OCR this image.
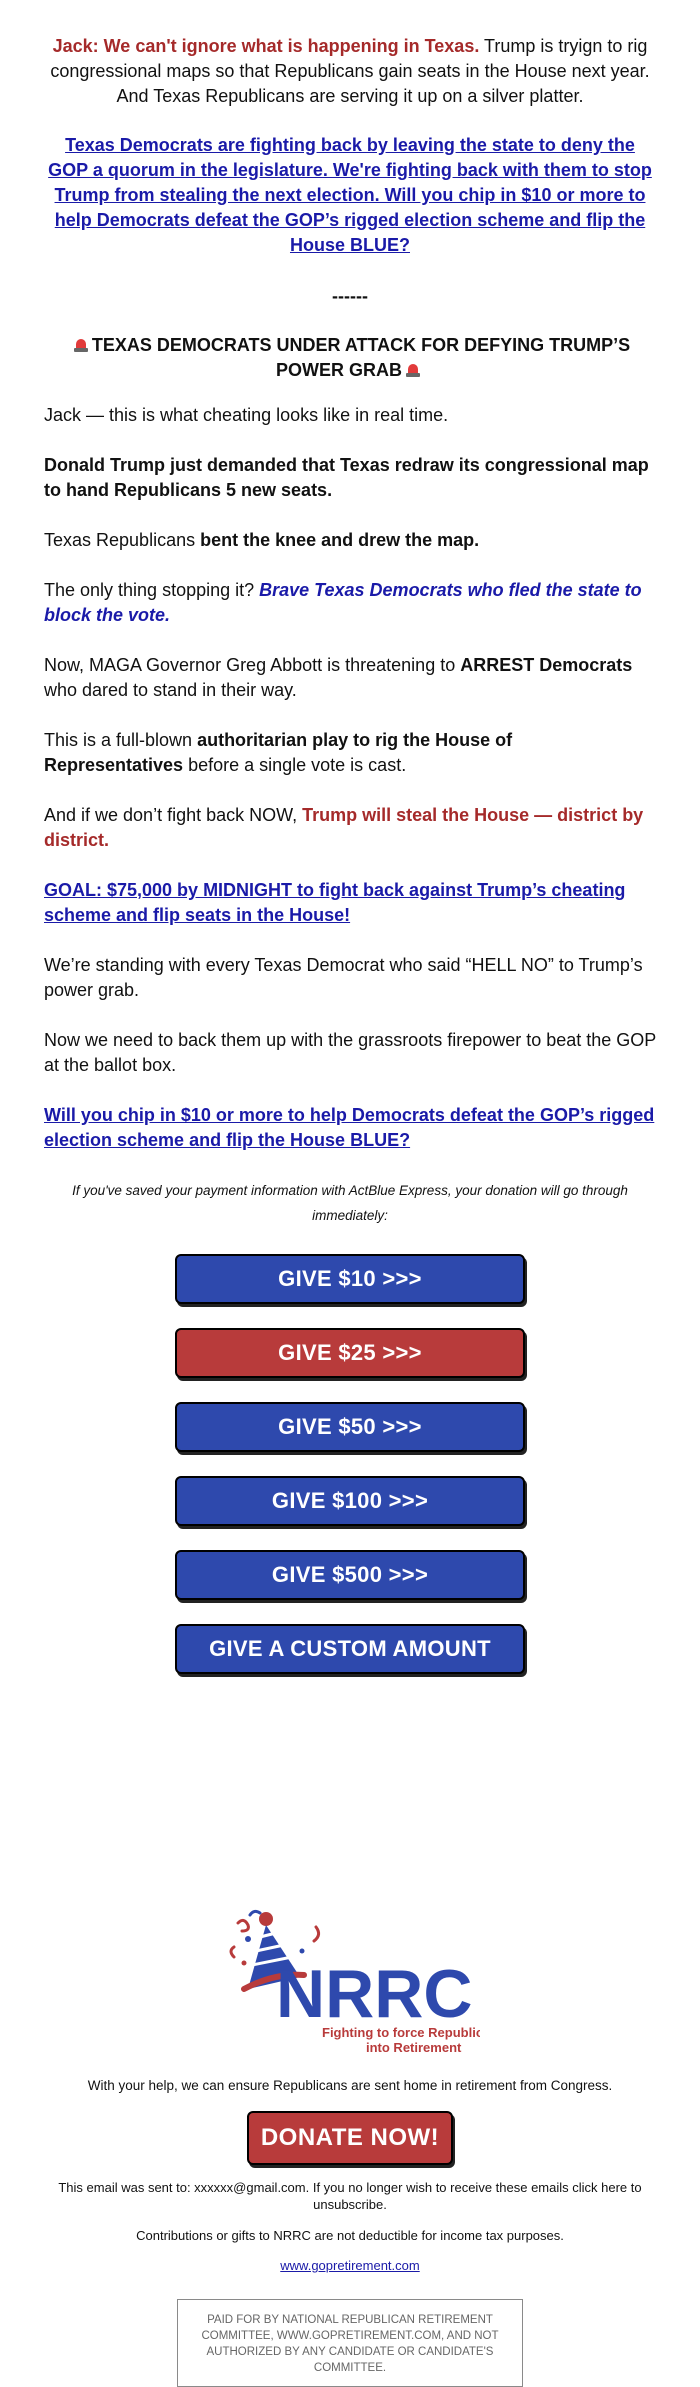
Jack: We can't ignore what is happening in Texas. Trump is tryign to rig congressional maps so that Republicans gain seats in the House next year. And Texas Republicans are serving it up on a silver platter.

Texas Democrats are fighting back by leaving the state to deny the GOP a quorum in the legislature. We're fighting back with them to stop Trump from stealing the next election. Will you chip in $10 or more to help Democrats defeat the GOP’s rigged election scheme and flip the House BLUE?

------
TEXAS DEMOCRATS UNDER ATTACK FOR DEFYING TRUMP’S POWER GRAB

Jack — this is what cheating looks like in real time.

Donald Trump just demanded that Texas redraw its congressional map to hand Republicans 5 new seats.

Texas Republicans bent the knee and drew the map.

The only thing stopping it? Brave Texas Democrats who fled the state to block the vote.

Now, MAGA Governor Greg Abbott is threatening to ARREST Democrats who dared to stand in their way.

This is a full-blown authoritarian play to rig the House of Representatives before a single vote is cast.

And if we don’t fight back NOW, Trump will steal the House — district by district.

GOAL: $75,000 by MIDNIGHT to fight back against Trump’s cheating scheme and flip seats in the House!

We’re standing with every Texas Democrat who said “HELL NO” to Trump’s power grab.

Now we need to back them up with the grassroots firepower to beat the GOP at the ballot box.

Will you chip in $10 or more to help Democrats defeat the GOP’s rigged election scheme and flip the House BLUE?

If you've saved your payment information with ActBlue Express, your donation will go through immediately:

GIVE $10 >>>
GIVE $25 >>>
GIVE $50 >>>
GIVE $100 >>>
GIVE $500 >>>
GIVE A CUSTOM AMOUNT
NRRC
Fighting to force Republic
into Retirement
With your help, we can ensure Republicans are sent home in retirement from Congress.
DONATE NOW!
This email was sent to: xxxxxx@gmail.com. If you no longer wish to receive these emails click here to unsubscribe.
Contributions or gifts to NRRC are not deductible for income tax purposes.
www.gopretirement.com
PAID FOR BY NATIONAL REPUBLICAN RETIREMENT COMMITTEE, WWW.GOPRETIREMENT.COM, AND NOT AUTHORIZED BY ANY CANDIDATE OR CANDIDATE'S COMMITTEE.
